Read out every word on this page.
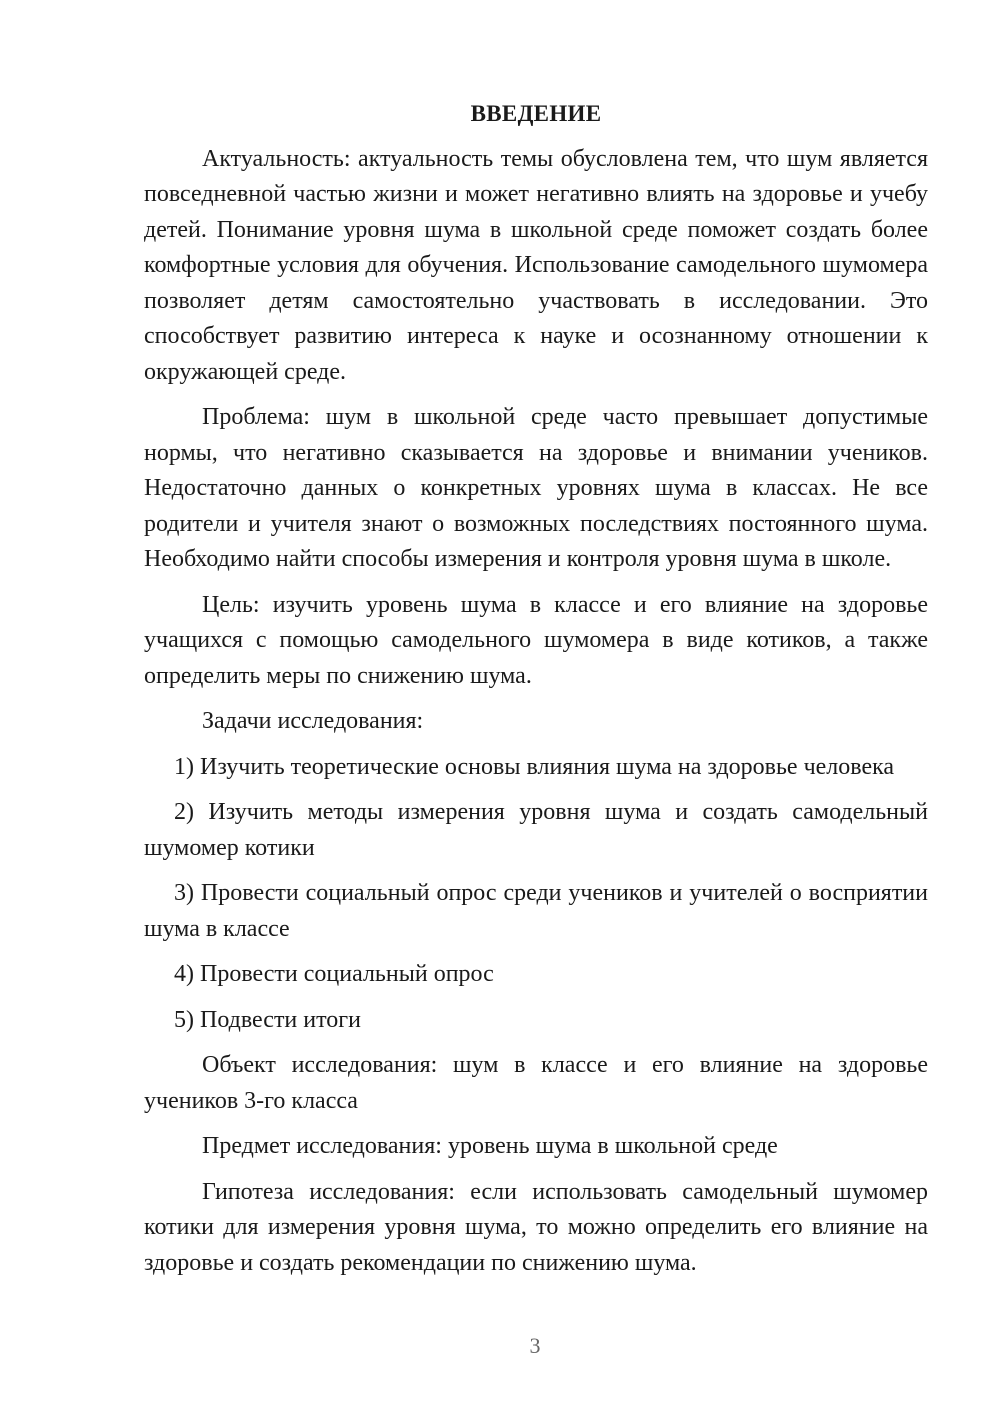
ВВЕДЕНИЕ
Актуальность: актуальность темы обусловлена тем, что шум является повседневной частью жизни и может негативно влиять на здоровье и учебу детей. Понимание уровня шума в школьной среде поможет создать более комфортные условия для обучения. Использование самодельного шумомера позволяет детям самостоятельно участвовать в исследовании. Это способствует развитию интереса к науке и осознанному отношении к окружающей среде.
Проблема: шум в школьной среде часто превышает допустимые нормы, что негативно сказывается на здоровье и внимании учеников. Недостаточно данных о конкретных уровнях шума в классах. Не все родители и учителя знают о возможных последствиях постоянного шума. Необходимо найти способы измерения и контроля уровня шума в школе.
Цель: изучить уровень шума в классе и его влияние на здоровье учащихся с помощью самодельного шумомера в виде котиков, а также определить меры по снижению шума.
Задачи исследования:
1) Изучить теоретические основы влияния шума на здоровье человека
2) Изучить методы измерения уровня шума и создать самодельный шумомер котики
3) Провести социальный опрос среди учеников и учителей о восприятии шума в классе
4) Провести социальный опрос
5) Подвести итоги
Объект исследования: шум в классе и его влияние на здоровье учеников 3-го класса
Предмет исследования: уровень шума в школьной среде
Гипотеза исследования: если использовать самодельный шумомер котики для измерения уровня шума, то можно определить его влияние на здоровье и создать рекомендации по снижению шума.
3
